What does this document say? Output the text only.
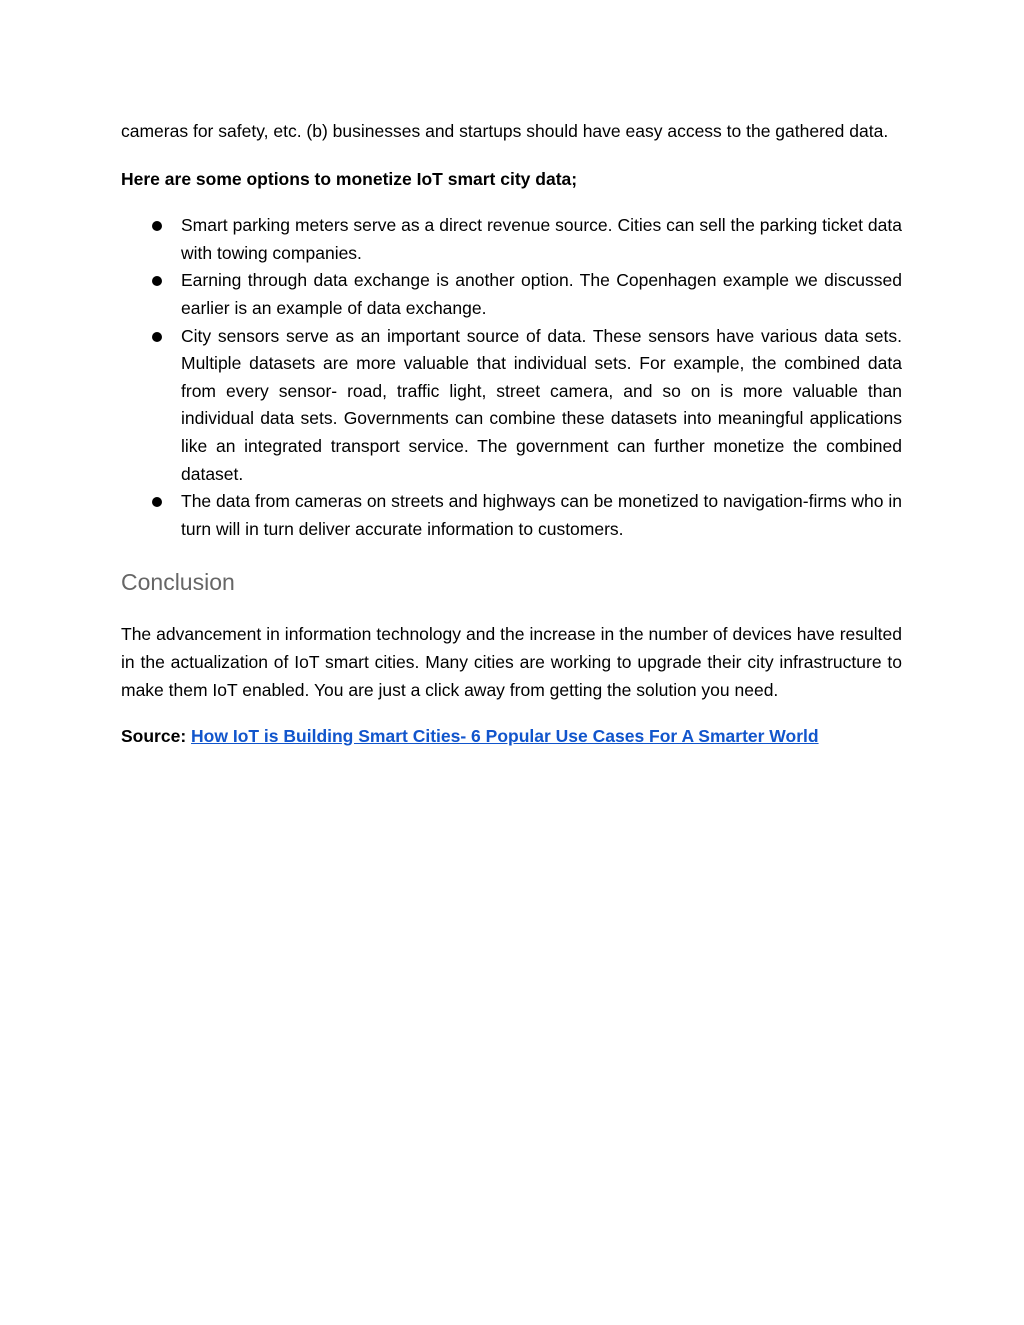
cameras for safety, etc. (b) businesses and startups should have easy access to the gathered data.

Here are some options to monetize IoT smart city data;

Smart parking meters serve as a direct revenue source. Cities can sell the parking ticket data with towing companies.
Earning through data exchange is another option. The Copenhagen example we discussed earlier is an example of data exchange.
City sensors serve as an important source of data. These sensors have various data sets. Multiple datasets are more valuable that individual sets. For example, the combined data from every sensor- road, traffic light, street camera, and so on is more valuable than individual data sets. Governments can combine these datasets into meaningful applications like an integrated transport service. The government can further monetize the combined dataset.
The data from cameras on streets and highways can be monetized to navigation-firms who in turn will in turn deliver accurate information to customers.
Conclusion

The advancement in information technology and the increase in the number of devices have resulted in the actualization of IoT smart cities. Many cities are working to upgrade their city infrastructure to make them IoT enabled. You are just a click away from getting the solution you need.

Source: How IoT is Building Smart Cities- 6 Popular Use Cases For A Smarter World
